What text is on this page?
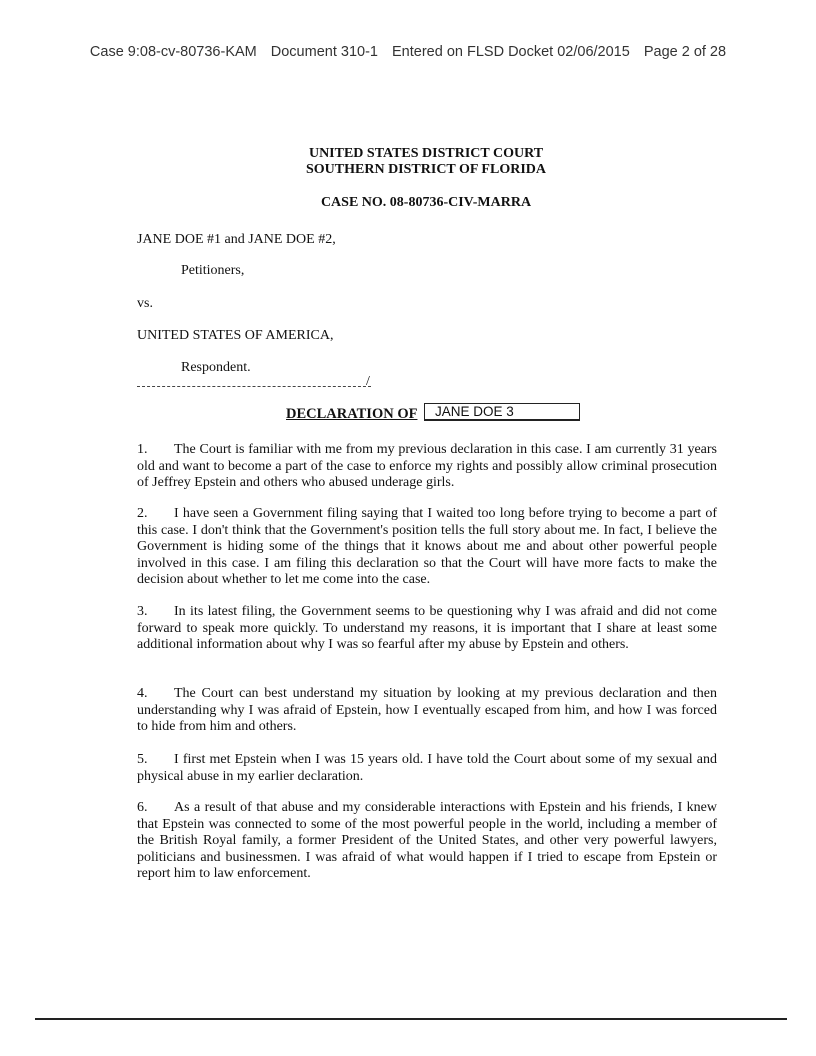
Case 9:08-cv-80736-KAM Document 310-1 Entered on FLSD Docket 02/06/2015 Page 2 of 28
UNITED STATES DISTRICT COURT
SOUTHERN DISTRICT OF FLORIDA
CASE NO. 08-80736-CIV-MARRA
JANE DOE #1 and JANE DOE #2,
Petitioners,
vs.
UNITED STATES OF AMERICA,
Respondent.
/
DECLARATION OF	JANE DOE 3
1. The Court is familiar with me from my previous declaration in this case. I am currently 31 years old and want to become a part of the case to enforce my rights and possibly allow criminal prosecution of Jeffrey Epstein and others who abused underage girls.
2. I have seen a Government filing saying that I waited too long before trying to become a part of this case. I don't think that the Government's position tells the full story about me. In fact, I believe the Government is hiding some of the things that it knows about me and about other powerful people involved in this case. I am filing this declaration so that the Court will have more facts to make the decision about whether to let me come into the case.
3. In its latest filing, the Government seems to be questioning why I was afraid and did not come forward to speak more quickly. To understand my reasons, it is important that I share at least some additional information about why I was so fearful after my abuse by Epstein and others.
4. The Court can best understand my situation by looking at my previous declaration and then understanding why I was afraid of Epstein, how I eventually escaped from him, and how I was forced to hide from him and others.
5. I first met Epstein when I was 15 years old. I have told the Court about some of my sexual and physical abuse in my earlier declaration.
6. As a result of that abuse and my considerable interactions with Epstein and his friends, I knew that Epstein was connected to some of the most powerful people in the world, including a member of the British Royal family, a former President of the United States, and other very powerful lawyers, politicians and businessmen. I was afraid of what would happen if I tried to escape from Epstein or report him to law enforcement.
